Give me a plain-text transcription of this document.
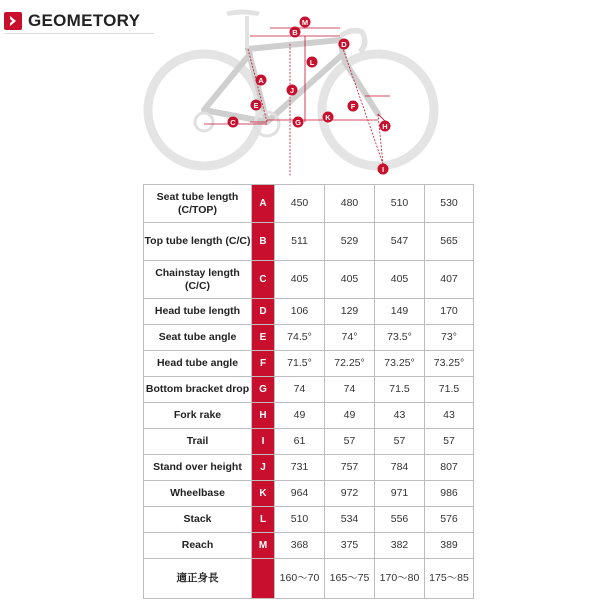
GEOMETORY	M
B
D
L
A
J
E	F
C	G
K
H
I
Seat tube length (C/TOP)	A	450	480	510	530
Top tube length (C/C)	B	511	529	547	565
Chainstay length (C/C)	C	405	405	405	407
Head tube length	D	106	129	149	170
Seat tube angle	E	74.5°	74°	73.5°	73°
Head tube angle	F	71.5°	72.25°	73.25°	73.25°
Bottom bracket drop	G	74	74	71.5	71.5
Fork rake	H	49	49	43	43
Trail	I	61	57	57	57
Stand over height	J	731	757	784	807
Wheelbase	K	964	972	971	986
Stack	L	510	534	556	576
Reach	M	368	375	382	389
適正身長		160〜70	165〜75	170〜80	175〜85
